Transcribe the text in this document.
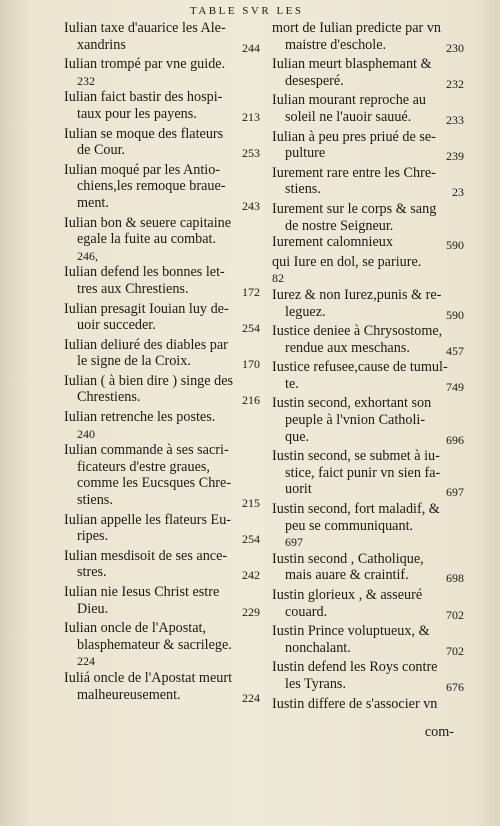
TABLE SVR LES
Iulian taxe d'auarice les Ale-
244
xandrins
Iulian trompé par vne guide.
232
Iulian faict bastir des hospi-
213
taux pour les payens.
Iulian se moque des flateurs
253
de Cour.
Iulian moqué par les Antio-
chiens,les remoque braue-
243
ment.
Iulian bon & seuere capitaine
egale la fuite au combat.
246,
Iulian defend les bonnes let-
172
tres aux Chrestiens.
Iulian presagit Iouian luy de-
254
uoir succeder.
Iulian deliuré des diables par
170
le signe de la Croix.
Iulian ( à bien dire ) singe des
216
Chrestiens.
Iulian retrenche les postes.
240
Iulian commande à ses sacri-
ficateurs d'estre graues,
comme les Eucsques Chre-
215
stiens.
Iulian appelle les flateurs Eu-
254
ripes.
Iulian mesdisoit de ses ance-
242
stres.
Iulian nie Iesus Christ estre
229
Dieu.
Iulian oncle de l'Apostat,
blasphemateur & sacrilege.
224
Iuliá oncle de l'Apostat meurt
224
malheureusement.
mort de Iulian predicte par vn
230
maistre d'eschole.
Iulian meurt blasphemant &
232
desesperé.
Iulian mourant reproche au
233
soleil ne l'auoir sauué.
Iulian à peu pres priué de se-
239
pulture
Iurement rare entre les Chre-
23
stiens.
Iurement sur le corps & sang
de nostre Seigneur.
590
Iurement calomnieux
qui Iure en dol, se pariure.
82
Iurez & non Iurez,punis & re-
590
leguez.
Iustice deniee à Chrysostome,
457
rendue aux meschans.
Iustice refusee,cause de tumul-
749
te.
Iustin second, exhortant son
peuple à l'vnion Catholi-
696
que.
Iustin second, se submet à iu-
stice, faict punir vn sien fa-
697
uorit
Iustin second, fort maladif, &
peu se communiquant.
697
Iustin second , Catholique,
698
mais auare & craintif.
Iustin glorieux , & asseuré
702
couard.
Iustin Prince voluptueux, &
702
nonchalant.
Iustin defend les Roys contre
676
les Tyrans.
Iustin differe de s'associer vn
com-
